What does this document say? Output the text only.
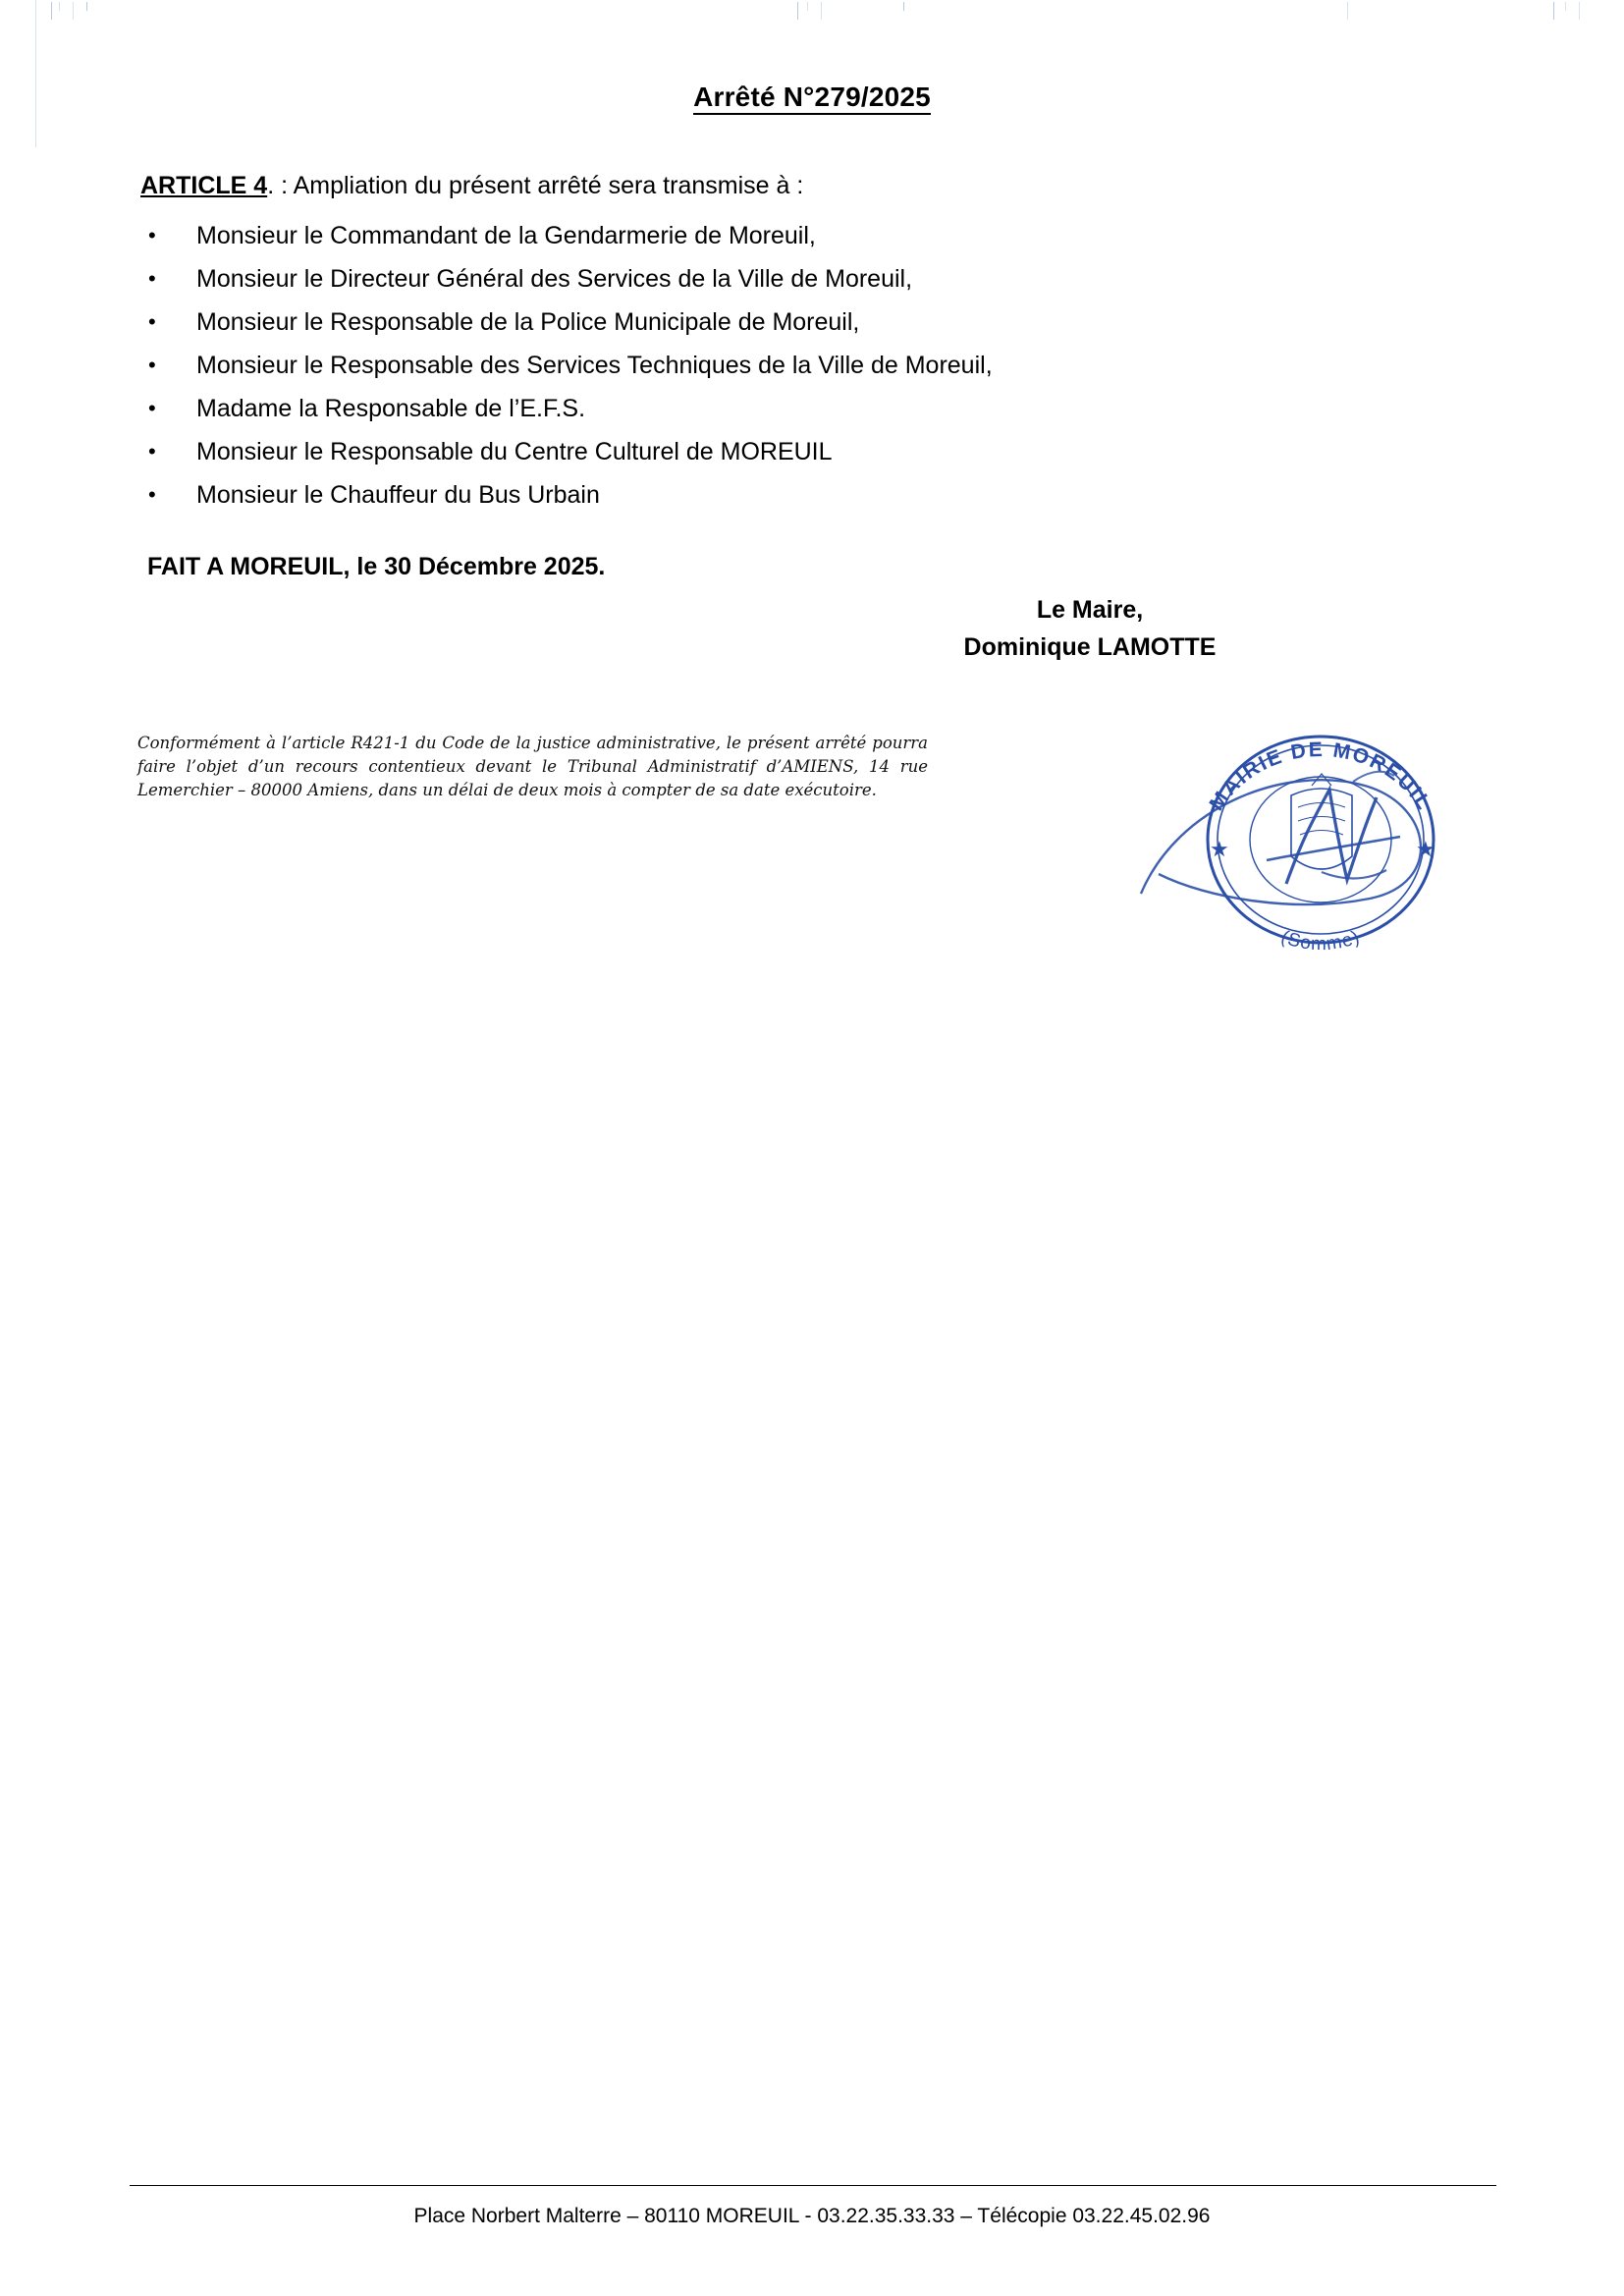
Arrêté N°279/2025
ARTICLE 4. : Ampliation du présent arrêté sera transmise à :
• Monsieur le Commandant de la Gendarmerie de Moreuil,
• Monsieur le Directeur Général des Services de la Ville de Moreuil,
• Monsieur le Responsable de la Police Municipale de Moreuil,
• Monsieur le Responsable des Services Techniques de la Ville de Moreuil,
• Madame la Responsable de l’E.F.S.
• Monsieur le Responsable du Centre Culturel de MOREUIL
• Monsieur le Chauffeur du Bus Urbain
FAIT A MOREUIL, le 30 Décembre 2025.
Le Maire,
Dominique LAMOTTE
Conformément à l’article R421-1 du Code de la justice administrative, le présent arrêté pourra faire l’objet d’un recours contentieux devant le Tribunal Administratif d’AMIENS, 14 rue Lemerchier – 80000 Amiens, dans un délai de deux mois à compter de sa date exécutoire.	MAIRIE DE MOREUIL
(Somme)
★	★
Place Norbert Malterre – 80110 MOREUIL - 03.22.35.33.33 – Télécopie 03.22.45.02.96
